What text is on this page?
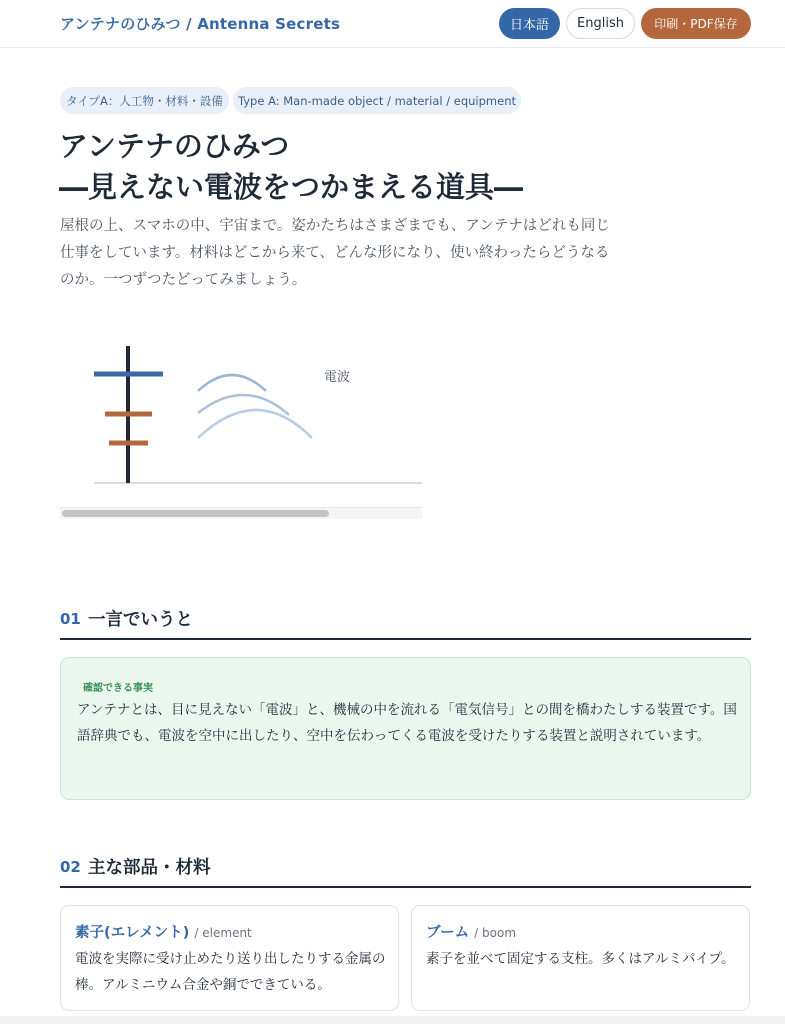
アンテナのひみつ / Antenna Secrets	日本語	English	印刷・PDF保存
タイプA：人工物・材料・設備	Type A: Man-made object / material / equipment
アンテナのひみつ
―見えない電波をつかまえる道具―

屋根の上、スマホの中、宇宙まで。姿かたちはさまざまでも、アンテナはどれも同じ仕事をしています。材料はどこから来て、どんな形になり、使い終わったらどうなるのか。一つずつたどってみましょう。

電波
01 一言でいうと
確認できる事実

アンテナとは、目に見えない「電波」と、機械の中を流れる「電気信号」との間を橋わたしする装置です。国語辞典でも、電波を空中に出したり、空中を伝わってくる電波を受けたりする装置と説明されています。

02 主な部品・材料
素子(エレメント) / element

電波を実際に受け止めたり送り出したりする金属の棒。アルミニウム合金や銅でできている。

ブーム / boom

素子を並べて固定する支柱。多くはアルミパイプ。
